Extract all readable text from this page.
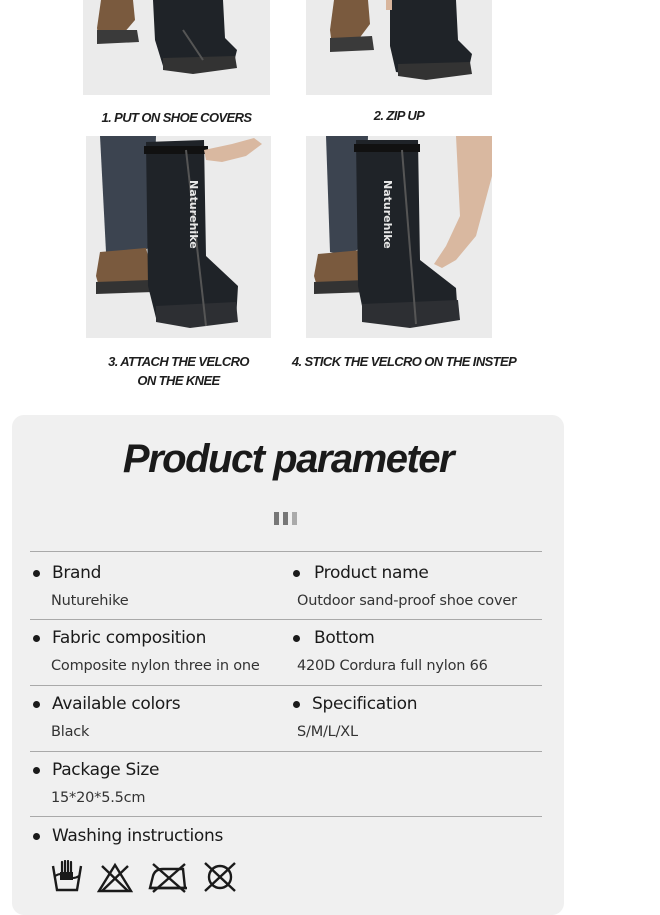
1. PUT ON SHOE COVERS	2. ZIP UP
Naturehike	Naturehike
3. ATTACH THE VELCRO
ON THE KNEE
4. STICK THE VELCRO ON THE INSTEP
Product parameter
Brand
Nuturehike
Product name
Outdoor sand-proof shoe cover
Fabric composition
Composite nylon three in one
Bottom
420D Cordura full nylon 66
Available colors
Black
Specification
S/M/L/XL
Package Size
15*20*5.5cm
Washing instructions
